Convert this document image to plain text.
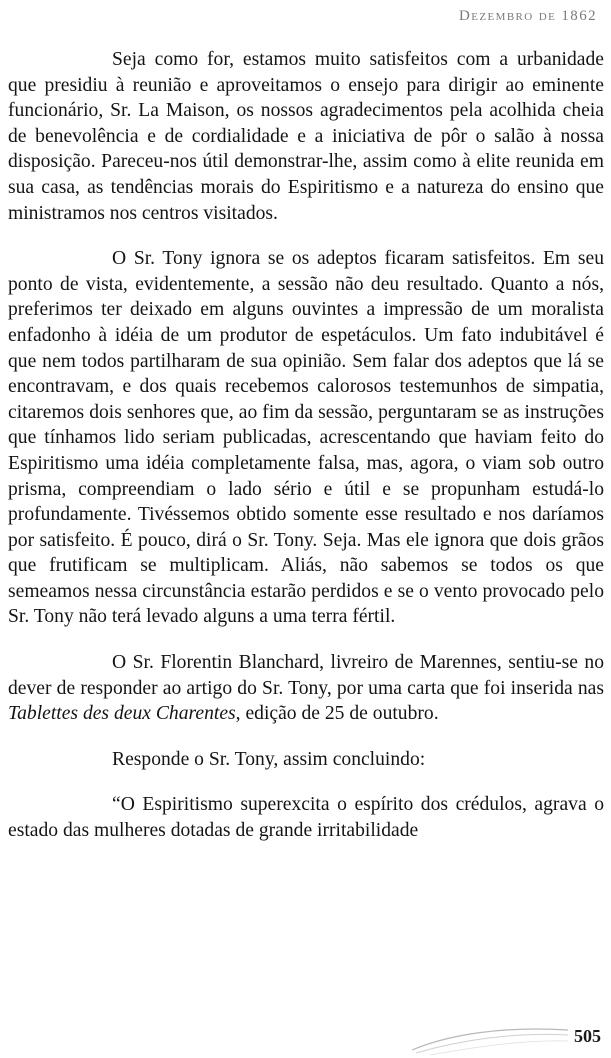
Dezembro de 1862

Seja como for, estamos muito satisfeitos com a urbanidade que presidiu à reunião e aproveitamos o ensejo para dirigir ao eminente funcionário, Sr. La Maison, os nossos agradecimentos pela acolhida cheia de benevolência e de cordialidade e a iniciativa de pôr o salão à nossa disposição. Pareceu-nos útil demonstrar-lhe, assim como à elite reunida em sua casa, as tendências morais do Espiritismo e a natureza do ensino que ministramos nos centros visitados.

O Sr. Tony ignora se os adeptos ficaram satisfeitos. Em seu ponto de vista, evidentemente, a sessão não deu resultado. Quanto a nós, preferimos ter deixado em alguns ouvintes a impressão de um moralista enfadonho à idéia de um produtor de espetáculos. Um fato indubitável é que nem todos partilharam de sua opinião. Sem falar dos adeptos que lá se encontravam, e dos quais recebemos calorosos testemunhos de simpatia, citaremos dois senhores que, ao fim da sessão, perguntaram se as instruções que tínhamos lido seriam publicadas, acrescentando que haviam feito do Espiritismo uma idéia completamente falsa, mas, agora, o viam sob outro prisma, compreendiam o lado sério e útil e se propunham estudá-lo profundamente. Tivéssemos obtido somente esse resultado e nos daríamos por satisfeito. É pouco, dirá o Sr. Tony. Seja. Mas ele ignora que dois grãos que frutificam se multiplicam. Aliás, não sabemos se todos os que semeamos nessa circunstância estarão perdidos e se o vento provocado pelo Sr. Tony não terá levado alguns a uma terra fértil.

O Sr. Florentin Blanchard, livreiro de Marennes, sentiu-se no dever de responder ao artigo do Sr. Tony, por uma carta que foi inserida nas Tablettes des deux Charentes, edição de 25 de outubro.

Responde o Sr. Tony, assim concluindo:

“O Espiritismo superexcita o espírito dos crédulos, agrava o estado das mulheres dotadas de grande irritabilidade

505
